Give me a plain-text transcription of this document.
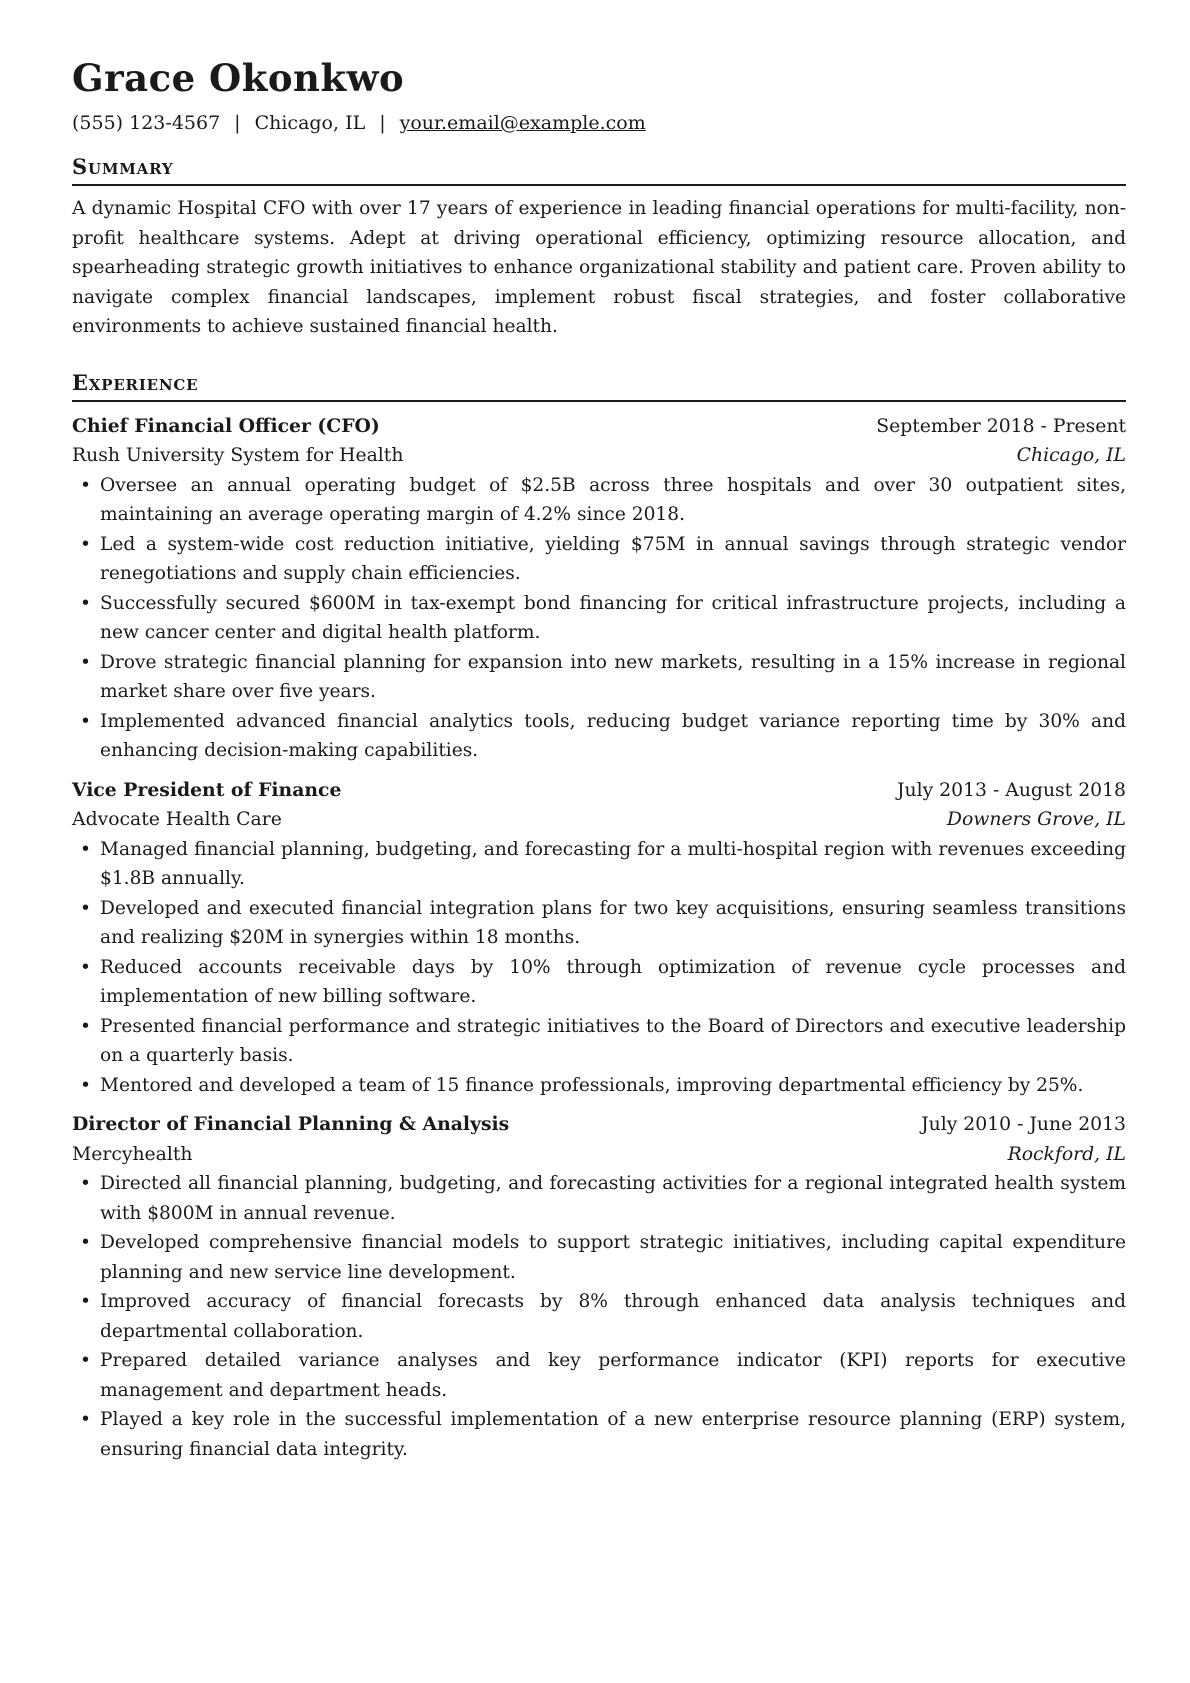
Grace Okonkwo
(555) 123-4567 | Chicago, IL | your.email@example.com
Summary
A dynamic Hospital CFO with over 17 years of experience in leading financial operations for multi-facility, non-profit healthcare systems. Adept at driving operational efficiency, optimizing resource allocation, and spearheading strategic growth initiatives to enhance organizational stability and patient care. Proven ability to navigate complex financial landscapes, implement robust fiscal strategies, and foster collaborative environments to achieve sustained financial health.
Experience
Chief Financial Officer (CFO)	September 2018 - Present
Rush University System for Health	Chicago, IL
• Oversee an annual operating budget of $2.5B across three hospitals and over 30 outpatient sites, maintaining an average operating margin of 4.2% since 2018.
• Led a system-wide cost reduction initiative, yielding $75M in annual savings through strategic vendor renegotiations and supply chain efficiencies.
• Successfully secured $600M in tax-exempt bond financing for critical infrastructure projects, including a new cancer center and digital health platform.
• Drove strategic financial planning for expansion into new markets, resulting in a 15% increase in regional market share over five years.
• Implemented advanced financial analytics tools, reducing budget variance reporting time by 30% and enhancing decision-making capabilities.
Vice President of Finance	July 2013 - August 2018
Advocate Health Care	Downers Grove, IL
• Managed financial planning, budgeting, and forecasting for a multi-hospital region with revenues exceeding $1.8B annually.
• Developed and executed financial integration plans for two key acquisitions, ensuring seamless transitions and realizing $20M in synergies within 18 months.
• Reduced accounts receivable days by 10% through optimization of revenue cycle processes and implementation of new billing software.
• Presented financial performance and strategic initiatives to the Board of Directors and executive leadership on a quarterly basis.
• Mentored and developed a team of 15 finance professionals, improving departmental efficiency by 25%.
Director of Financial Planning & Analysis	July 2010 - June 2013
Mercyhealth	Rockford, IL
• Directed all financial planning, budgeting, and forecasting activities for a regional integrated health system with $800M in annual revenue.
• Developed comprehensive financial models to support strategic initiatives, including capital expenditure planning and new service line development.
• Improved accuracy of financial forecasts by 8% through enhanced data analysis techniques and departmental collaboration.
• Prepared detailed variance analyses and key performance indicator (KPI) reports for executive management and department heads.
• Played a key role in the successful implementation of a new enterprise resource planning (ERP) system, ensuring financial data integrity.
